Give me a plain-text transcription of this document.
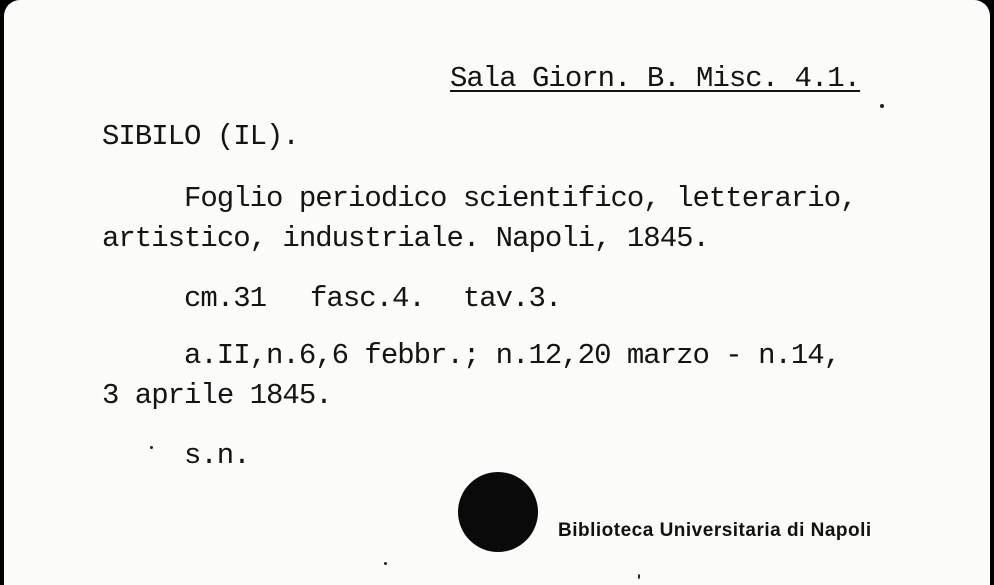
Sala Giorn. B. Misc. 4.1.
SIBILO (IL).
Foglio periodico scientifico, letterario,
artistico, industriale. Napoli, 1845.
cm.31 fasc.4. tav.3.
a.II,n.6,6 febbr.; n.12,20 marzo - n.14,
3 aprile 1845.
s.n.
Biblioteca Universitaria di Napoli
